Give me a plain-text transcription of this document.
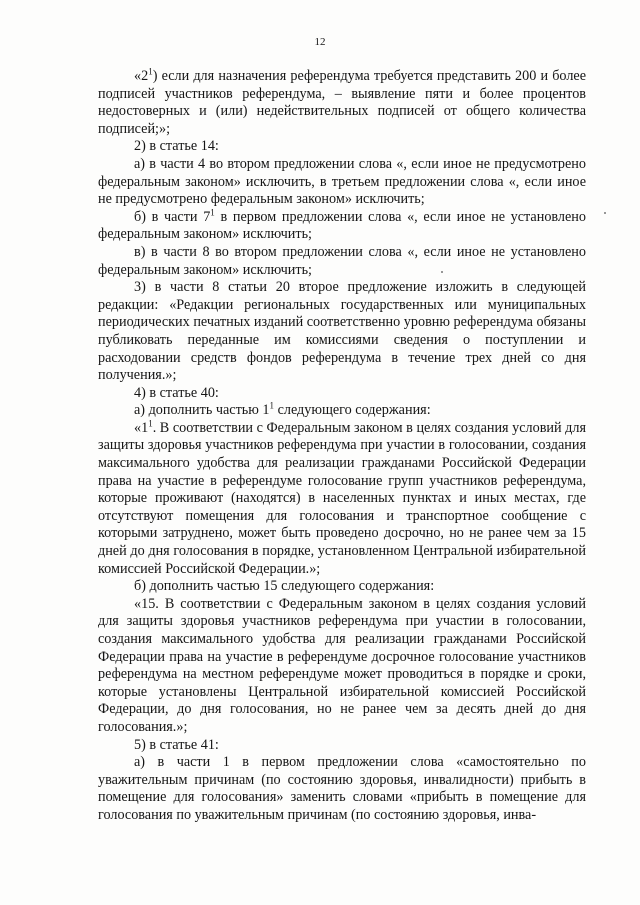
12

«$2^1$) если для назначения референдума требуется представить 200 и более подписей участников референдума, – выявление пяти и более процентов недостоверных и (или) недействительных подписей от общего количества подписей;»;

2) в статье 14:

а) в части 4 во втором предложении слова «, если иное не предусмотрено федеральным законом» исключить, в третьем предложении слова «, если иное не предусмотрено федеральным законом» исключить;

б) в части $7^1$ в первом предложении слова «, если иное не установлено федеральным законом» исключить;

в) в части 8 во втором предложении слова «, если иное не установлено федеральным законом» исключить;

3) в части 8 статьи 20 второе предложение изложить в следующей редакции: «Редакции региональных государственных или муниципальных периодических печатных изданий соответственно уровню референдума обязаны публиковать переданные им комиссиями сведения о поступлении и расходовании средств фондов референдума в течение трех дней со дня получения.»;

4) в статье 40:

а) дополнить частью $1^1$ следующего содержания:

«$1^1$. В соответствии с Федеральным законом в целях создания условий для защиты здоровья участников референдума при участии в голосовании, создания максимального удобства для реализации гражданами Российской Федерации права на участие в референдуме голосование групп участников референдума, которые проживают (находятся) в населенных пунктах и иных местах, где отсутствуют помещения для голосования и транспортное сообщение с которыми затруднено, может быть проведено досрочно, но не ранее чем за 15 дней до дня голосования в порядке, установленном Центральной избирательной комиссией Российской Федерации.»;

б) дополнить частью 15 следующего содержания:

«15. В соответствии с Федеральным законом в целях создания условий для защиты здоровья участников референдума при участии в голосовании, создания максимального удобства для реализации гражданами Российской Федерации права на участие в референдуме досрочное голосование участников референдума на местном референдуме может проводиться в порядке и сроки, которые установлены Центральной избирательной комиссией Российской Федерации, до дня голосования, но не ранее чем за десять дней до дня голосования.»;

5) в статье 41:

а) в части 1 в первом предложении слова «самостоятельно по уважительным причинам (по состоянию здоровья, инвалидности) прибыть в помещение для голосования» заменить словами «прибыть в помещение для голосования по уважительным причинам (по состоянию здоровья, инва-
